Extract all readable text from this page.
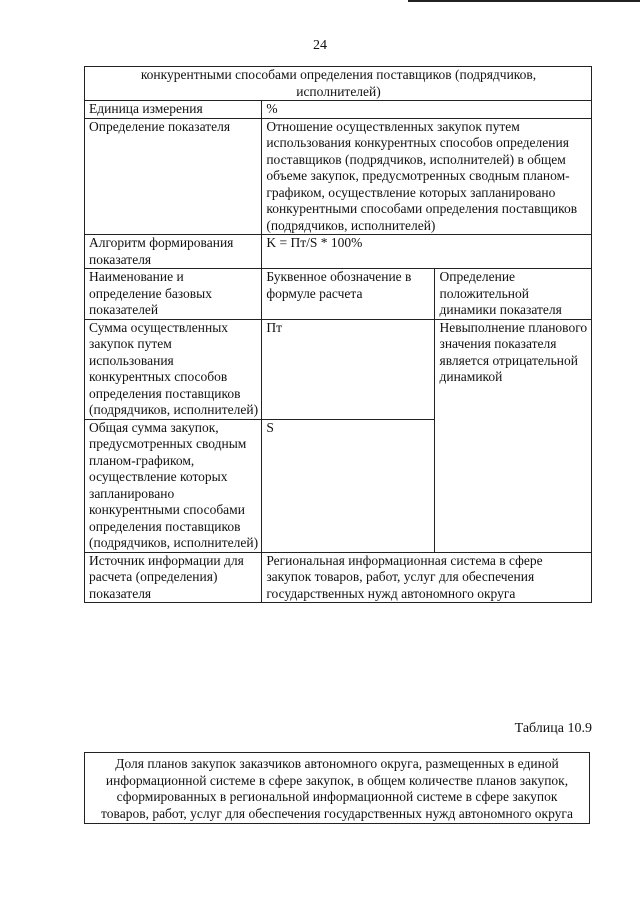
24
конкурентными способами определения поставщиков (подрядчиков,
исполнителей)		
Единица измерения	%	
Определение показателя	Отношение осуществленных закупок путем использования конкурентных способов определения поставщиков (подрядчиков, исполнителей) в общем объеме закупок, предусмотренных сводным планом-графиком, осуществление которых запланировано конкурентными способами определения поставщиков (подрядчиков, исполнителей)	
Алгоритм формирования показателя	K = Пт/S * 100%	
Наименование и определение базовых показателей	Буквенное обозначение в формуле расчета	Определение положительной динамики показателя
Сумма осуществленных закупок путем использования конкурентных способов определения поставщиков (подрядчиков, исполнителей)	Пт	Невыполнение планового значения показателя является отрицательной динамикой
Общая сумма закупок, предусмотренных сводным планом-графиком, осуществление которых запланировано конкурентными способами определения поставщиков (подрядчиков, исполнителей)	S	
Источник информации для расчета (определения) показателя	Региональная информационная система в сфере закупок товаров, работ, услуг для обеспечения государственных нужд автономного округа	
Таблица 10.9
Доля планов закупок заказчиков автономного округа, размещенных в единой информационной системе в сфере закупок, в общем количестве планов закупок, сформированных в региональной информационной системе в сфере закупок товаров, работ, услуг для обеспечения государственных нужд автономного округа
